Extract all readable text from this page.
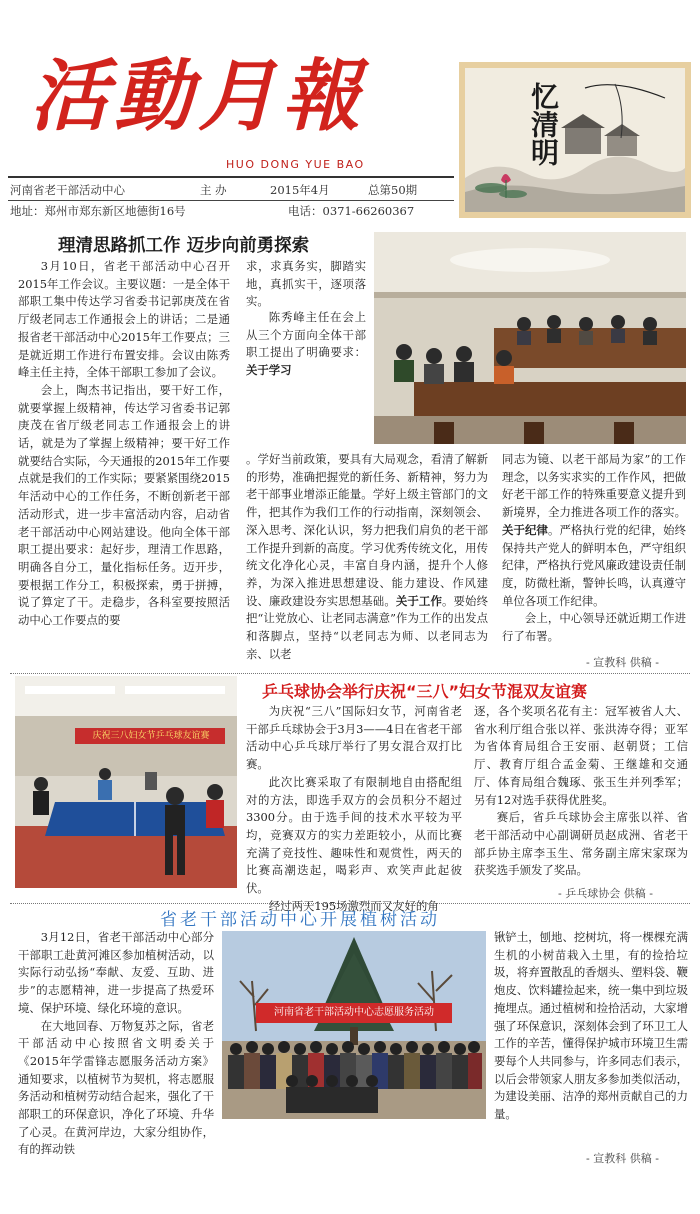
活動月報
HUO DONG YUE BAO
河南省老干部活动中心	主 办	2015年4月	总第50期
地址：郑州市郑东新区地德街16号	电话：0371-66260367
忆清明
理清思路抓工作 迈步向前勇探索

3月10日，省老干部活动中心召开2015年工作会议。主要议题：一是全体干部职工集中传达学习省委书记郭庚茂在省厅级老同志工作通报会上的讲话；二是通报省老干部活动中心2015年工作要点；三是就近期工作进行布置安排。会议由陈秀峰主任主持，全体干部职工参加了会议。

会上，陶杰书记指出，要干好工作，就要掌握上级精神，传达学习省委书记郭庚茂在省厅级老同志工作通报会上的讲话，就是为了掌握上级精神；要干好工作就要结合实际，今天通报的2015年工作要点就是我们的工作实际；要紧紧围绕2015年活动中心的工作任务，不断创新老干部活动形式，进一步丰富活动内容，启动省老干部活动中心网站建设。他向全体干部职工提出要求：起好步，理清工作思路，明确各自分工，量化指标任务。迈开步，要根据工作分工，积极探索，勇于拼搏，说了算定了干。走稳步，各科室要按照活动中心工作要点的要

求，求真务实，脚踏实地，真抓实干，逐项落实。

陈秀峰主任在会上从三个方面向全体干部职工提出了明确要求：关于学习

。学好当前政策，要具有大局观念，看清了解新的形势，准确把握党的新任务、新精神，努力为老干部事业增添正能量。学好上级主管部门的文件，把其作为我们工作的行动指南，深刻领会、深入思考、深化认识，努力把我们肩负的老干部工作提升到新的高度。学习优秀传统文化，用传统文化净化心灵，丰富自身内涵，提升个人修养，为深入推进思想建设、能力建设、作风建设、廉政建设夯实思想基础。关于工作。要始终把“让党放心、让老同志满意”作为工作的出发点和落脚点，坚持“以老同志为师、以老同志为亲、以老

同志为镜、以老干部局为家”的工作理念，以务实求实的工作作风，把做好老干部工作的特殊重要意义提升到新境界，全力推进各项工作的落实。关于纪律。严格执行党的纪律，始终保持共产党人的鲜明本色，严守组织纪律，严格执行党风廉政建设责任制度，防微杜渐，警钟长鸣，认真遵守单位各项工作纪律。

会上，中心领导还就近期工作进行了布署。

- 宣教科 供稿 -
庆祝三八妇女节乒乓球友谊赛
乒乓球协会举行庆祝“三八”妇女节混双友谊赛

为庆祝“三八”国际妇女节，河南省老干部乒乓球协会于3月3——4日在省老干部活动中心乒乓球厅举行了男女混合双打比赛。

此次比赛采取了有限制地自由搭配组对的方法，即选手双方的会员积分不超过3300分。由于选手间的技术水平较为平均，竞赛双方的实力差距较小，从而比赛充满了竞技性、趣味性和观赏性，两天的比赛高潮迭起，喝彩声、欢笑声此起彼伏。

经过两天195场激烈而又友好的角

逐，各个奖项名花有主：冠军被省人大、省水利厅组合张以祥、张洪涛夺得；亚军为省体育局组合王安丽、赵朝贤；工信厅、教育厅组合孟金菊、王继雄和交通厅、体育局组合魏琢、张玉生并列季军；另有12对选手获得优胜奖。

赛后，省乒乓球协会主席张以祥、省老干部活动中心副调研员赵成洲、省老干部乒协主席李玉生、常务副主席宋家琛为获奖选手颁发了奖品。

- 乒乓球协会 供稿 -
省老干部活动中心开展植树活动

3月12日，省老干部活动中心部分干部职工赴黄河滩区参加植树活动，以实际行动弘扬“奉献、友爱、互助、进步”的志愿精神，进一步提高了热爱环境、保护环境、绿化环境的意识。

在大地回春、万物复苏之际，省老干部活动中心按照省文明委关于《2015年学雷锋志愿服务活动方案》通知要求，以植树节为契机，将志愿服务活动和植树劳动结合起来，强化了干部职工的环保意识，净化了环境、升华了心灵。在黄河岸边，大家分组协作，有的挥动铁

河南省老干部活动中心志愿服务活动

锹铲土，刨地、挖树坑，将一棵棵充满生机的小树苗栽入土里，有的捡拾垃圾，将弃置散乱的香烟头、塑料袋、鞭炮皮、饮料罐捡起来，统一集中到垃圾掩埋点。通过植树和捡拾活动，大家增强了环保意识，深刻体会到了环卫工人工作的辛苦，懂得保护城市环境卫生需要每个人共同参与，许多同志们表示，以后会带领家人朋友多参加类似活动，为建设美丽、洁净的郑州贡献自己的力量。

- 宣教科 供稿 -
